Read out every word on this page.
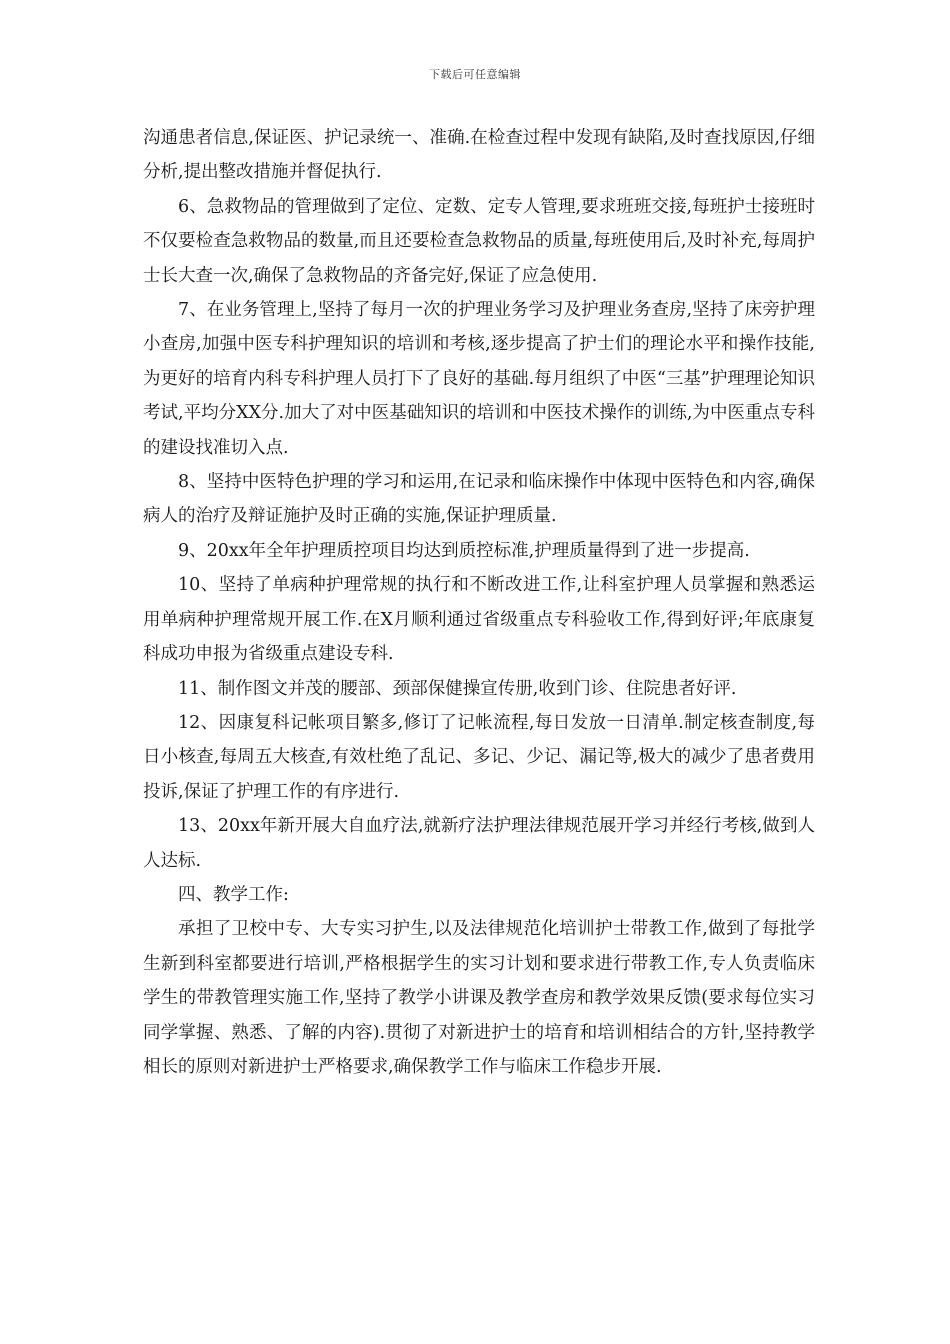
下载后可任意编辑

沟通患者信息,保证医、护记录统一、准确.在检查过程中发现有缺陷,及时查找原因,仔细分析,提出整改措施并督促执行.

6、急救物品的管理做到了定位、定数、定专人管理,要求班班交接,每班护士接班时不仅要检查急救物品的数量,而且还要检查急救物品的质量,每班使用后,及时补充,每周护士长大查一次,确保了急救物品的齐备完好,保证了应急使用.

7、在业务管理上,坚持了每月一次的护理业务学习及护理业务查房,坚持了床旁护理小查房,加强中医专科护理知识的培训和考核,逐步提高了护士们的理论水平和操作技能,为更好的培育内科专科护理人员打下了良好的基础.每月组织了中医“三基”护理理论知识考试,平均分XX分.加大了对中医基础知识的培训和中医技术操作的训练,为中医重点专科的建设找准切入点.

8、坚持中医特色护理的学习和运用,在记录和临床操作中体现中医特色和内容,确保病人的治疗及辩证施护及时正确的实施,保证护理质量.

9、20xx年全年护理质控项目均达到质控标准,护理质量得到了进一步提高.

10、坚持了单病种护理常规的执行和不断改进工作,让科室护理人员掌握和熟悉运用单病种护理常规开展工作.在X月顺利通过省级重点专科验收工作,得到好评;年底康复科成功申报为省级重点建设专科.

11、制作图文并茂的腰部、颈部保健操宣传册,收到门诊、住院患者好评.

12、因康复科记帐项目繁多,修订了记帐流程,每日发放一日清单.制定核查制度,每日小核查,每周五大核查,有效杜绝了乱记、多记、少记、漏记等,极大的减少了患者费用投诉,保证了护理工作的有序进行.

13、20xx年新开展大自血疗法,就新疗法护理法律规范展开学习并经行考核,做到人人达标.

四、教学工作:

承担了卫校中专、大专实习护生,以及法律规范化培训护士带教工作,做到了每批学生新到科室都要进行培训,严格根据学生的实习计划和要求进行带教工作,专人负责临床学生的带教管理实施工作,坚持了教学小讲课及教学查房和教学效果反馈(要求每位实习同学掌握、熟悉、了解的内容).贯彻了对新进护士的培育和培训相结合的方针,坚持教学相长的原则对新进护士严格要求,确保教学工作与临床工作稳步开展.
